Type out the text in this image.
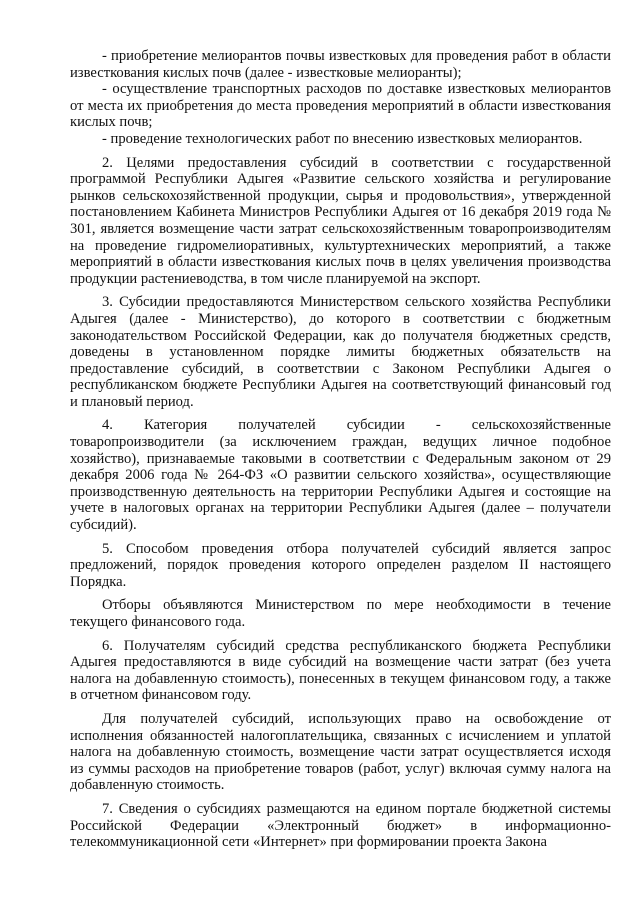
- приобретение мелиорантов почвы известковых для проведения работ в области известкования кислых почв (далее - известковые мелиоранты);

- осуществление транспортных расходов по доставке известковых мелиорантов от места их приобретения до места проведения мероприятий в области известкования кислых почв;

- проведение технологических работ по внесению известковых мелиорантов.

2. Целями предоставления субсидий в соответствии с государственной программой Республики Адыгея «Развитие сельского хозяйства и регулирование рынков сельскохозяйственной продукции, сырья и продовольствия», утвержденной постановлением Кабинета Министров Республики Адыгея от 16 декабря 2019 года № 301, является возмещение части затрат сельскохозяйственным товаропроизводителям на проведение гидромелиоративных, культуртехнических мероприятий, а также мероприятий в области известкования кислых почв в целях увеличения производства продукции растениеводства, в том числе планируемой на экспорт.

3. Субсидии предоставляются Министерством сельского хозяйства Республики Адыгея (далее - Министерство), до которого в соответствии с бюджетным законодательством Российской Федерации, как до получателя бюджетных средств, доведены в установленном порядке лимиты бюджетных обязательств на предоставление субсидий, в соответствии с Законом Республики Адыгея о республиканском бюджете Республики Адыгея на соответствующий финансовый год и плановый период.

4. Категория получателей субсидии - сельскохозяйственные товаропроизводители (за исключением граждан, ведущих личное подобное хозяйство), признаваемые таковыми в соответствии с Федеральным законом от 29 декабря 2006 года № 264-ФЗ «О развитии сельского хозяйства», осуществляющие производственную деятельность на территории Республики Адыгея и состоящие на учете в налоговых органах на территории Республики Адыгея (далее – получатели субсидий).

5. Способом проведения отбора получателей субсидий является запрос предложений, порядок проведения которого определен разделом II настоящего Порядка.

Отборы объявляются Министерством по мере необходимости в течение текущего финансового года.

6. Получателям субсидий средства республиканского бюджета Республики Адыгея предоставляются в виде субсидий на возмещение части затрат (без учета налога на добавленную стоимость), понесенных в текущем финансовом году, а также в отчетном финансовом году.

Для получателей субсидий, использующих право на освобождение от исполнения обязанностей налогоплательщика, связанных с исчислением и уплатой налога на добавленную стоимость, возмещение части затрат осуществляется исходя из суммы расходов на приобретение товаров (работ, услуг) включая сумму налога на добавленную стоимость.

7. Сведения о субсидиях размещаются на едином портале бюджетной системы Российской Федерации «Электронный бюджет» в информационно-телекоммуникационной сети «Интернет» при формировании проекта Закона
